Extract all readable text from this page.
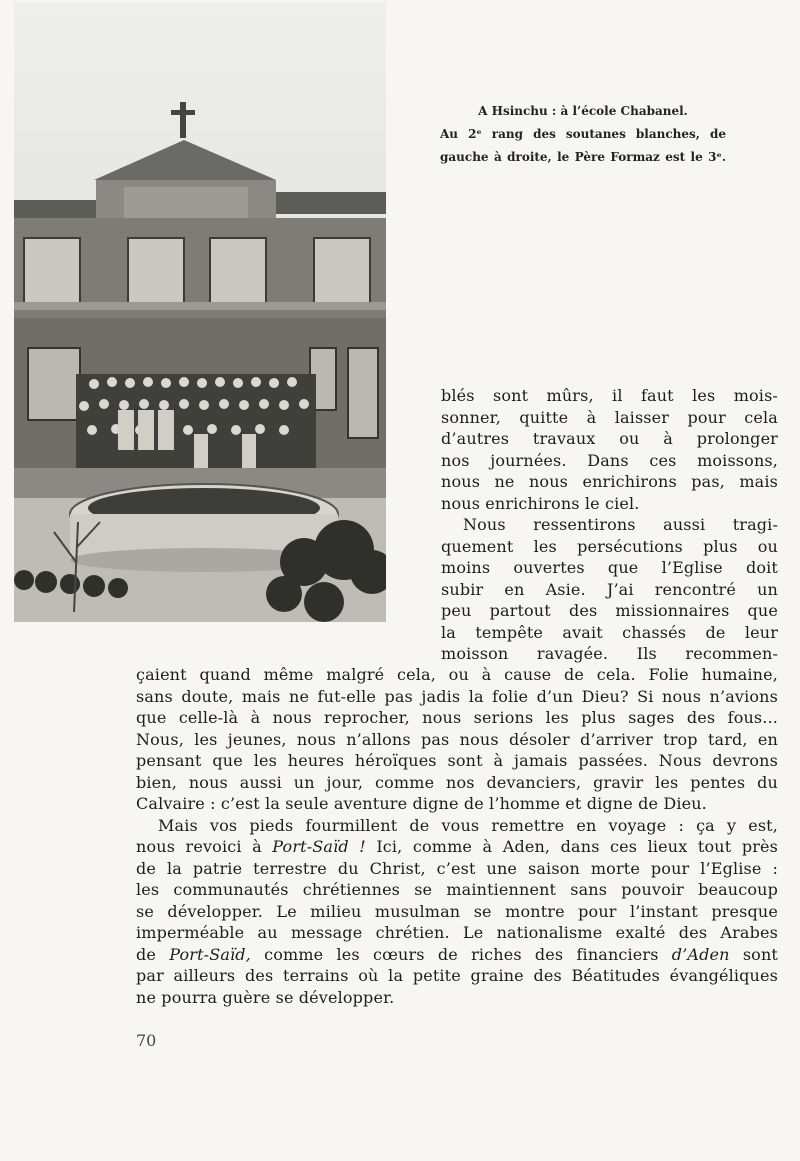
A Hsinchu : à l’école Chabanel.
Au 2ᵉ rang des soutanes blanches, de
gauche à droite, le Père Formaz est le 3ᵉ.
blés sont mûrs, il faut les mois-
sonner, quitte à laisser pour cela
d’autres travaux ou à prolonger
nos journées. Dans ces moissons,
nous ne nous enrichirons pas, mais
nous enrichirons le ciel.
Nous ressentirons aussi tragi-
quement les persécutions plus ou
moins ouvertes que l’Eglise doit
subir en Asie. J’ai rencontré un
peu partout des missionnaires que
la tempête avait chassés de leur
moisson ravagée. Ils recommen-
çaient quand même malgré cela, ou à cause de cela. Folie humaine,
sans doute, mais ne fut-elle pas jadis la folie d’un Dieu? Si nous n’avions
que celle-là à nous reprocher, nous serions les plus sages des fous...
Nous, les jeunes, nous n’allons pas nous désoler d’arriver trop tard, en
pensant que les heures héroïques sont à jamais passées. Nous devrons
bien, nous aussi un jour, comme nos devanciers, gravir les pentes du
Calvaire : c’est la seule aventure digne de l’homme et digne de Dieu.
Mais vos pieds fourmillent de vous remettre en voyage : ça y est,
nous revoici à Port-Saïd ! Ici, comme à Aden, dans ces lieux tout près
de la patrie terrestre du Christ, c’est une saison morte pour l’Eglise :
les communautés chrétiennes se maintiennent sans pouvoir beaucoup
se développer. Le milieu musulman se montre pour l’instant presque
imperméable au message chrétien. Le nationalisme exalté des Arabes
de Port-Saïd, comme les cœurs de riches des financiers d’Aden sont
par ailleurs des terrains où la petite graine des Béatitudes évangéliques
ne pourra guère se développer.
70
